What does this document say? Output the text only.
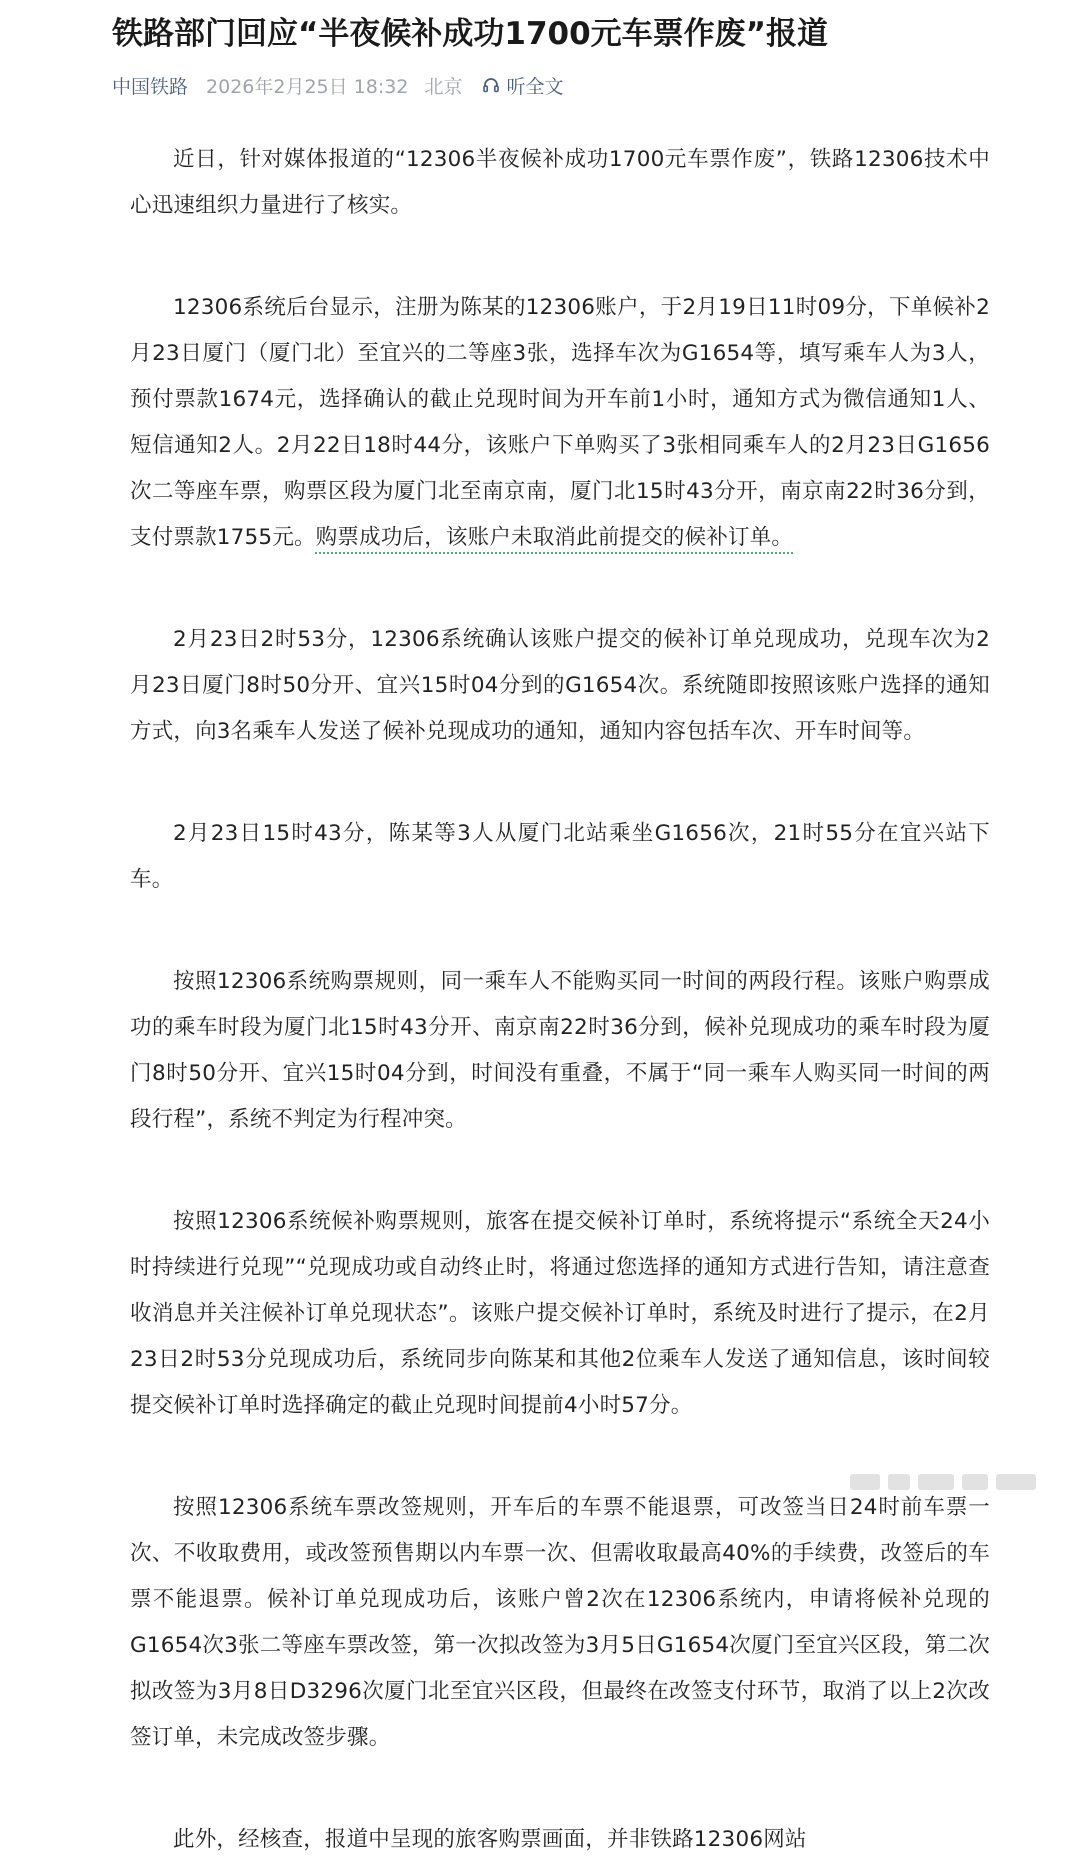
铁路部门回应“半夜候补成功1700元车票作废”报道
中国铁路 2026年2月25日 18:32 北京 听全文

近日，针对媒体报道的“12306半夜候补成功1700元车票作废”，铁路12306技术中心迅速组织力量进行了核实。

12306系统后台显示，注册为陈某的12306账户，于2月19日11时09分，下单候补2月23日厦门（厦门北）至宜兴的二等座3张，选择车次为G1654等，填写乘车人为3人，预付票款1674元，选择确认的截止兑现时间为开车前1小时，通知方式为微信通知1人、短信通知2人。2月22日18时44分，该账户下单购买了3张相同乘车人的2月23日G1656次二等座车票，购票区段为厦门北至南京南，厦门北15时43分开，南京南22时36分到，支付票款1755元。购票成功后，该账户未取消此前提交的候补订单。

2月23日2时53分，12306系统确认该账户提交的候补订单兑现成功，兑现车次为2月23日厦门8时50分开、宜兴15时04分到的G1654次。系统随即按照该账户选择的通知方式，向3名乘车人发送了候补兑现成功的通知，通知内容包括车次、开车时间等。

2月23日15时43分，陈某等3人从厦门北站乘坐G1656次，21时55分在宜兴站下车。

按照12306系统购票规则，同一乘车人不能购买同一时间的两段行程。该账户购票成功的乘车时段为厦门北15时43分开、南京南22时36分到，候补兑现成功的乘车时段为厦门8时50分开、宜兴15时04分到，时间没有重叠，不属于“同一乘车人购买同一时间的两段行程”，系统不判定为行程冲突。

按照12306系统候补购票规则，旅客在提交候补订单时，系统将提示“系统全天24小时持续进行兑现”“兑现成功或自动终止时，将通过您选择的通知方式进行告知，请注意查收消息并关注候补订单兑现状态”。该账户提交候补订单时，系统及时进行了提示，在2月23日2时53分兑现成功后，系统同步向陈某和其他2位乘车人发送了通知信息，该时间较提交候补订单时选择确定的截止兑现时间提前4小时57分。

按照12306系统车票改签规则，开车后的车票不能退票，可改签当日24时前车票一次、不收取费用，或改签预售期以内车票一次、但需收取最高40%的手续费，改签后的车票不能退票。候补订单兑现成功后，该账户曾2次在12306系统内，申请将候补兑现的G1654次3张二等座车票改签，第一次拟改签为3月5日G1654次厦门至宜兴区段，第二次拟改签为3月8日D3296次厦门北至宜兴区段，但最终在改签支付环节，取消了以上2次改签订单，未完成改签步骤。

此外，经核查，报道中呈现的旅客购票画面，并非铁路12306网站
